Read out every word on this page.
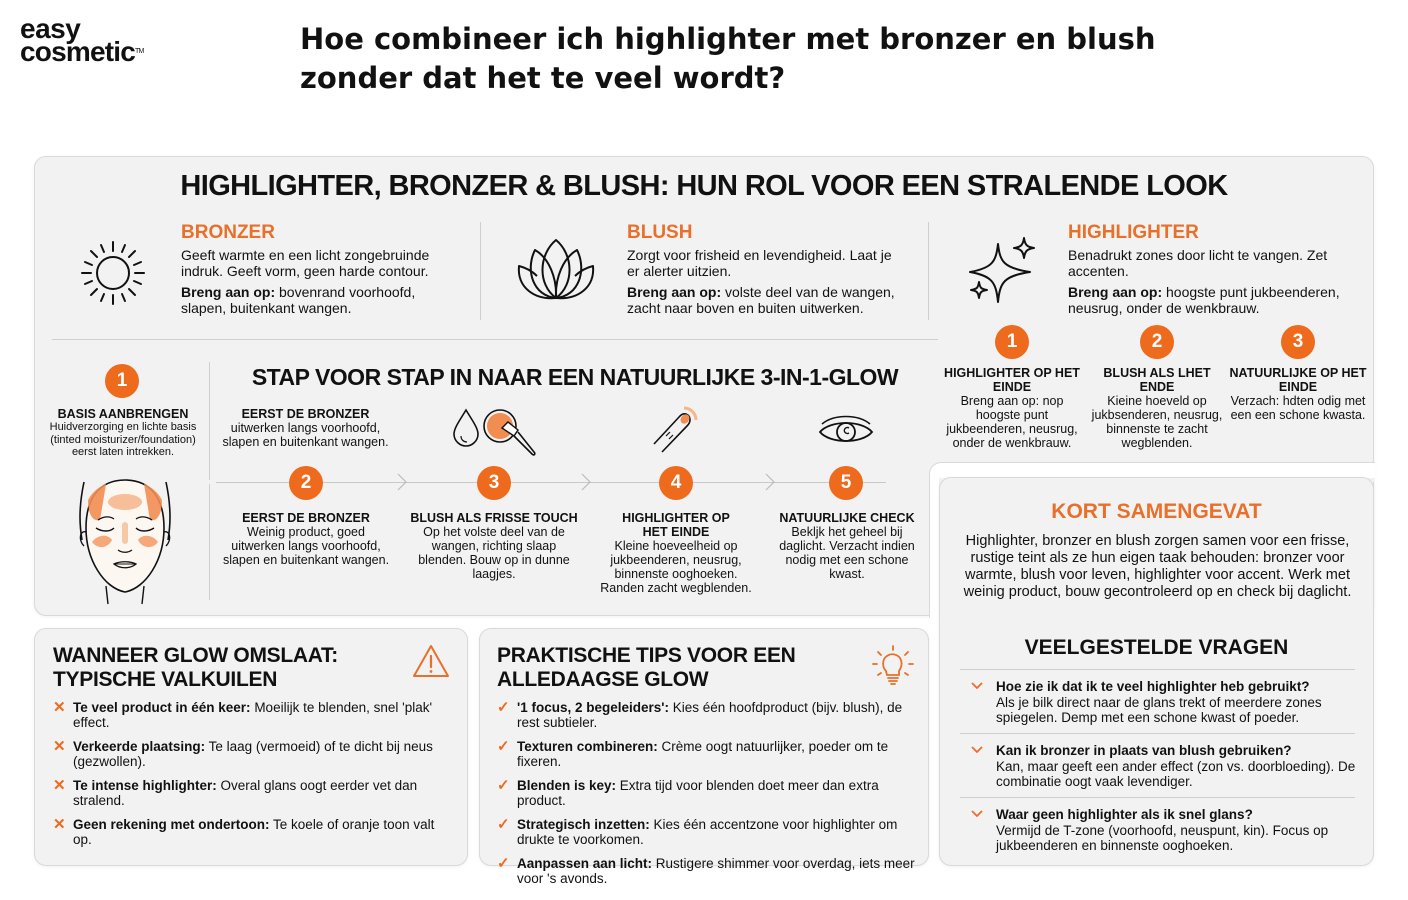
easy
cosmetic™	Hoe combineer ich highlighter met bronzer en blush zonder dat het te veel wordt?
HIGHLIGHTER, BRONZER & BLUSH: HUN ROL VOOR EEN STRALENDE LOOK
BRONZER
Geeft warmte en een licht zongebruinde indruk. Geeft vorm, geen harde contour.
Breng aan op: bovenrand voorhoofd, slapen, buitenkant wangen.
BLUSH
Zorgt voor frisheid en levendigheid. Laat je er alerter uitzien.
Breng aan op: volste deel van de wangen, zacht naar boven en buiten uitwerken.
HIGHLIGHTER
Benadrukt zones door licht te vangen. Zet accenten.
Breng aan op: hoogste punt jukbeenderen, neusrug, onder de wenkbrauw.
1
BASIS AANBRENGEN
Huidverzorging en lichte basis (tinted moisturizer/foundation) eerst laten intrekken.
STAP VOOR STAP IN NAAR EEN NATUURLIJKE 3-IN-1-GLOW
EERST DE BRONZER
uitwerken langs voorhoofd, slapen en buitenkant wangen.
2	3	4	5
EERST DE BRONZER
Weinig product, goed uitwerken langs voorhoofd, slapen en buitenkant wangen.
BLUSH ALS FRISSE TOUCH
Op het volste deel van de wangen, richting slaap blenden. Bouw op in dunne laagjes.
HIGHLIGHTER OP HET EINDE
Kleine hoeveelheid op jukbeenderen, neusrug, binnenste ooghoeken. Randen zacht wegblenden.
NATUURLIJKE CHECK
Bekljk het geheel bij daglicht. Verzacht indien nodig met een schone kwast.
1	2	3
HIGHLIGHTER OP HET EINDE
Breng aan op: nop hoogste punt jukbeenderen, neusrug, onder de wenkbrauw.
BLUSH ALS LHET ENDE
Kieine hoeveld op jukbsenderen, neusrug, binnenste te zacht wegblenden.
NATUURLIJKE OP HET EINDE
Verzach: hdten odig met een een schone kwasta.
KORT SAMENGEVAT
Highlighter, bronzer en blush zorgen samen voor een frisse, rustige teint als ze hun eigen taak behouden: bronzer voor warmte, blush voor leven, highlighter voor accent. Werk met weinig product, bouw gecontroleerd op en check bij daglicht.
VEELGESTELDE VRAGEN
Hoe zie ik dat ik te veel highlighter heb gebruikt?
Als je bilk direct naar de glans trekt of meerdere zones spiegelen. Demp met een schone kwast of poeder.
Kan ik bronzer in plaats van blush gebruiken?
Kan, maar geeft een ander effect (zon vs. doorbloeding). De combinatie oogt vaak levendiger.
Waar geen highlighter als ik snel glans?
Vermijd de T-zone (voorhoofd, neuspunt, kin). Focus op jukbeenderen en binnenste ooghoeken.
WANNEER GLOW OMSLAAT: TYPISCHE VALKUILEN
✕ Te veel product in één keer: Moeilijk te blenden, snel 'plak' effect.
✕ Verkeerde plaatsing: Te laag (vermoeid) of te dicht bij neus (gezwollen).
✕ Te intense highlighter: Overal glans oogt eerder vet dan stralend.
✕ Geen rekening met ondertoon: Te koele of oranje toon valt op.
PRAKTISCHE TIPS VOOR EEN ALLEDAAGSE GLOW
✓ '1 focus, 2 begeleiders': Kies één hoofdproduct (bijv. blush), de rest subtieler.
✓ Texturen combineren: Crème oogt natuurlijker, poeder om te fixeren.
✓ Blenden is key: Extra tijd voor blenden doet meer dan extra product.
✓ Strategisch inzetten: Kies één accentzone voor highlighter om drukte te voorkomen.
✓ Aanpassen aan licht: Rustigere shimmer voor overdag, iets meer voor 's avonds.
